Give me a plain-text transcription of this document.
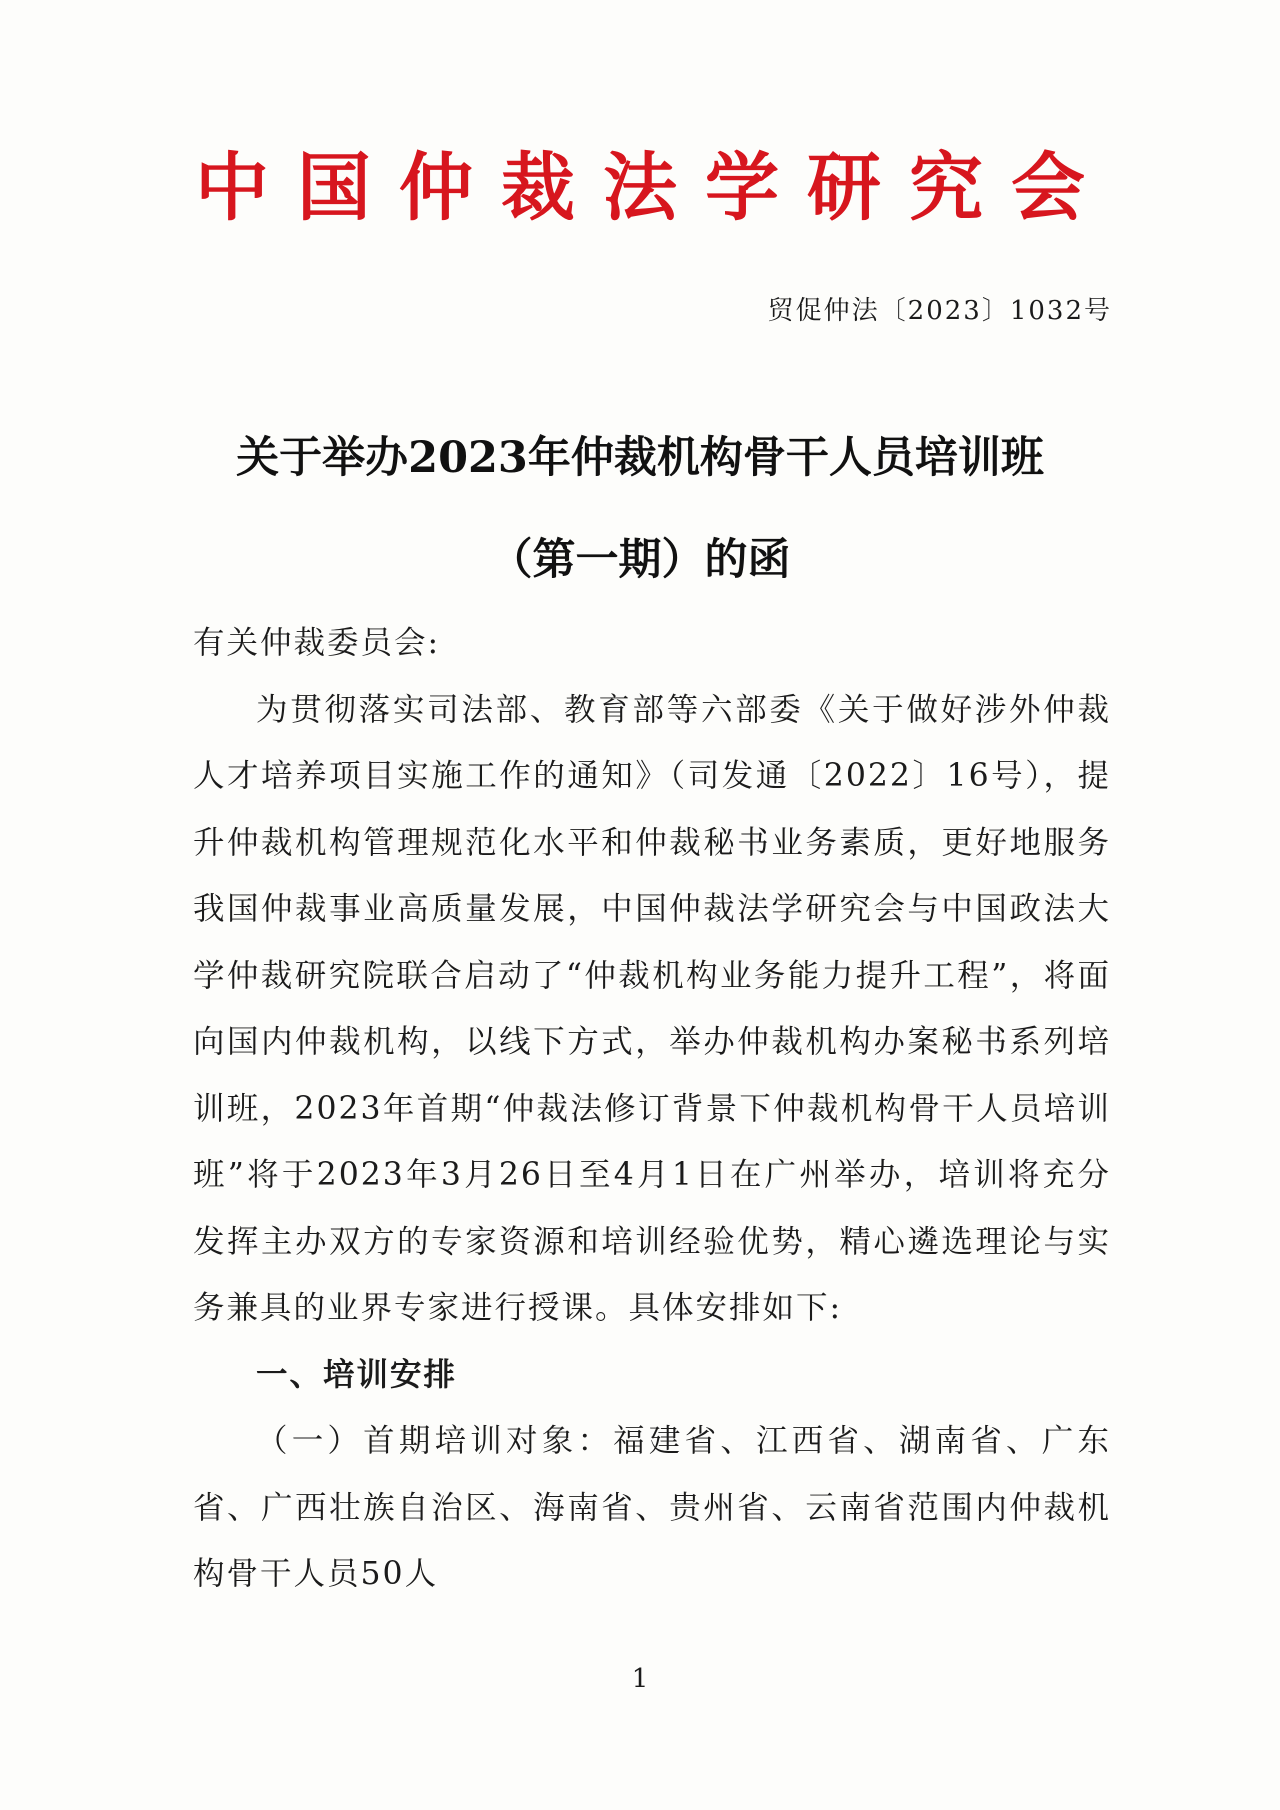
中国仲裁法学研究会
贸促仲法〔2023〕1032号
关于举办2023年仲裁机构骨干人员培训班
（第一期）的函

有关仲裁委员会:

为贯彻落实司法部、教育部等六部委《关于做好涉外仲裁人才培养项目实施工作的通知》（司发通〔2022〕16号），提升仲裁机构管理规范化水平和仲裁秘书业务素质，更好地服务我国仲裁事业高质量发展，中国仲裁法学研究会与中国政法大学仲裁研究院联合启动了“仲裁机构业务能力提升工程”，将面向国内仲裁机构，以线下方式，举办仲裁机构办案秘书系列培训班，2023年首期“仲裁法修订背景下仲裁机构骨干人员培训班”将于2023年3月26日至4月1日在广州举办，培训将充分发挥主办双方的专家资源和培训经验优势，精心遴选理论与实务兼具的业界专家进行授课。具体安排如下:

一、培训安排

（一）首期培训对象：福建省、江西省、湖南省、广东省、广西壮族自治区、海南省、贵州省、云南省范围内仲裁机构骨干人员50人

1
